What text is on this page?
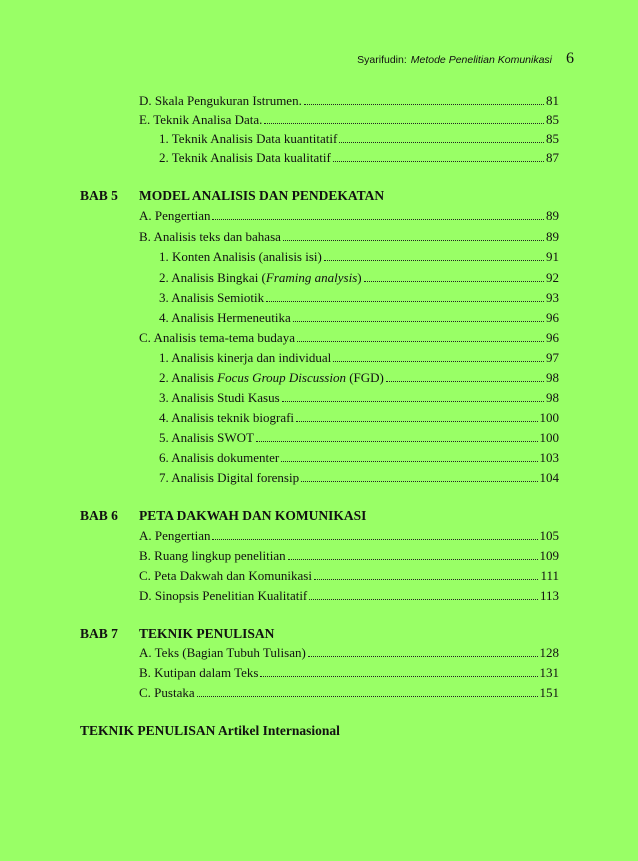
Syarifudin: Metode Penelitian Komunikasi 6
D. Skala Pengukuran Istrumen.	81
E. Teknik Analisa Data.	85
1. Teknik Analisis Data kuantitatif	85
2. Teknik Analisis Data kualitatif	87
BAB 5	MODEL ANALISIS DAN PENDEKATAN
A. Pengertian	89
B. Analisis teks dan bahasa	89
1. Konten Analisis (analisis isi)	91
2. Analisis Bingkai (Framing analysis)	92
3. Analisis Semiotik	93
4. Analisis Hermeneutika	96
C. Analisis tema-tema budaya	96
1. Analisis kinerja dan individual	97
2. Analisis Focus Group Discussion (FGD)	98
3. Analisis Studi Kasus	98
4. Analisis teknik biografi	100
5. Analisis SWOT	100
6. Analisis dokumenter	103
7. Analisis Digital forensip	104
BAB 6	PETA DAKWAH DAN KOMUNIKASI
A. Pengertian	105
B. Ruang lingkup penelitian	109
C. Peta Dakwah dan Komunikasi	111
D. Sinopsis Penelitian Kualitatif	113
BAB 7	TEKNIK PENULISAN
A. Teks (Bagian Tubuh Tulisan)	128
B. Kutipan dalam Teks	131
C. Pustaka	151
TEKNIK PENULISAN Artikel Internasional
